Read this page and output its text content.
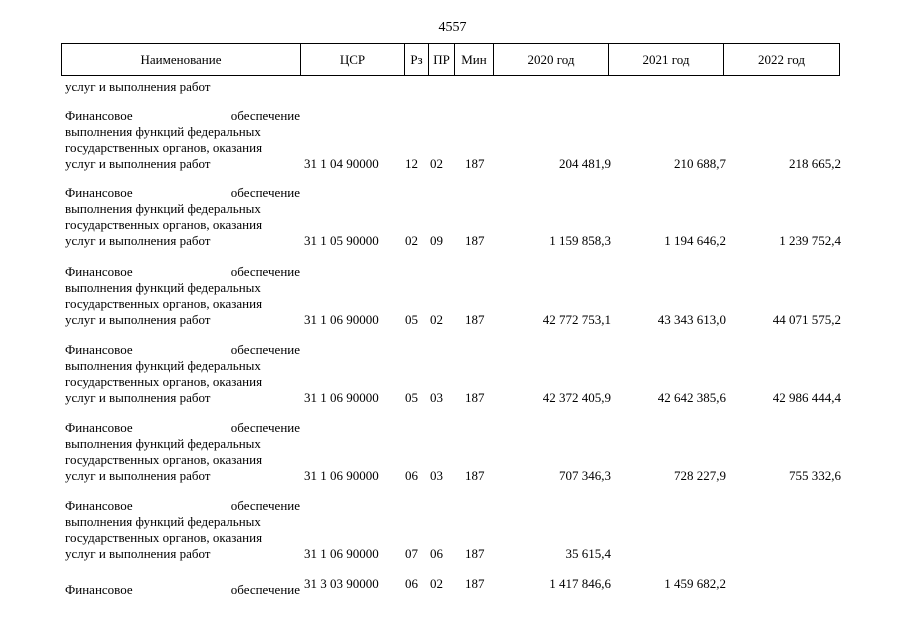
4557
Наименование	ЦСР	Рз ПР Мин	2020 год	2021 год	2022 год
услуг и выполнения работ
Финансовое	обеспечение
выполнения функций федеральных
государственных органов, оказания
услуг и выполнения работ	31 1 04 90000 12 02 187	204 481,9	210 688,7	218 665,2
Финансовое	обеспечение
выполнения функций федеральных
государственных органов, оказания
услуг и выполнения работ	31 1 05 90000 02 09 187	1 159 858,3	1 194 646,2	1 239 752,4
Финансовое	обеспечение
выполнения функций федеральных
государственных органов, оказания
услуг и выполнения работ	31 1 06 90000 05 02 187	42 772 753,1	43 343 613,0	44 071 575,2
Финансовое	обеспечение
выполнения функций федеральных
государственных органов, оказания
услуг и выполнения работ	31 1 06 90000 05 03 187	42 372 405,9	42 642 385,6	42 986 444,4
Финансовое	обеспечение
выполнения функций федеральных
государственных органов, оказания
услуг и выполнения работ	31 1 06 90000 06 03 187	707 346,3	728 227,9	755 332,6
Финансовое	обеспечение
выполнения функций федеральных
государственных органов, оказания
услуг и выполнения работ	31 1 06 90000 07 06 187	35 615,4
Финансовое	обеспечение 31 3 03 90000 06 02 187	1 417 846,6	1 459 682,2
